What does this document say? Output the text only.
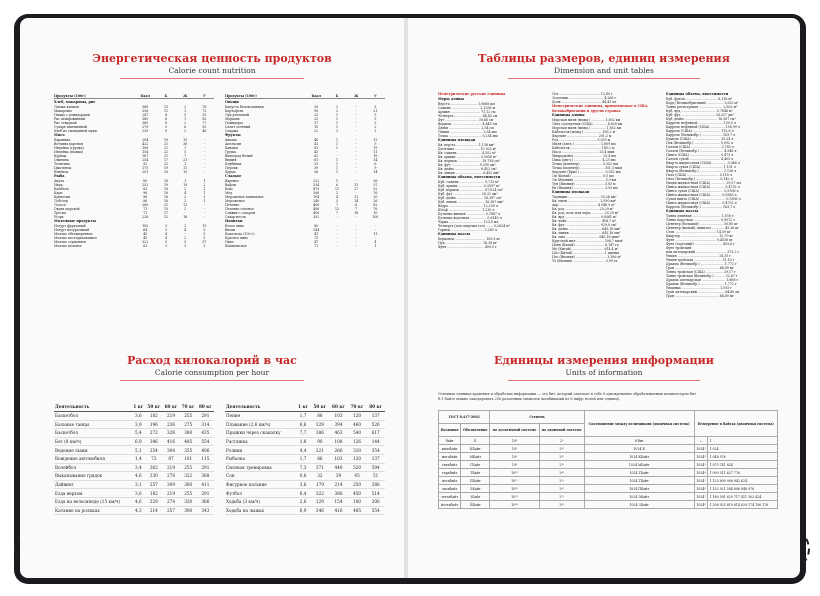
Энергетическая ценность продуктов
Calorie count nutrition
Продукты (100г)	Ккал	Б	Ж	У
Хлеб, макароны, рис
Лапша яичная	368	13	2	76
Макароны	336	11	1	72
Пицца с помидорами	247	4	5	32
Рис шлифованный	360	6	1	82
Рис отварной	360	8	2	77
Сухарь пшеничный	279	9	6	55
Хлеб из смешанной муки	239	9	2	46
Мясо
Баранина	204	19	15	-
Ветчина вареная	422	21	36	-
Индейка (грудка)	106	21	1	-
Индейка (ножка)	154	22	5	-
Курица	167	21	7	-
Свинина	254	17	23	-
Телятина	92	21	1	-
Цыпленок	175	19	11	-
Ягнёнок	201	20	15	-
Рыба
Акула	80	16	1	1
Икра	252	19	19	2
Камбала	83	16	2	1
Карп	96	16	4	1
Креветки	96	16	3	1
Лобстер	86	16	2	1
Лосось	260	21	13	-
Окунь морской	71	15	2	-
Треска	71	17	-	-
Угорь	226	12	16	-
Молочные продукты
Йогурт фруктовый	100	3	2	19
Йогурт натуральный	64	3	4	5
Молоко обезжиренное	49	4	-	5
Молоко пастеризованное	49	4	2	5
Молоко сгущенное	322	9	9	57
Молоко цельное	63	3	3	5
Продукты (100г)	Ккал	Б	Ж	У
Овощи
Капуста белокочанная	28	2	-	5
Картофель	90	2	-	21
Лук репчатый	23	1	-	5
Морковь	23	1	-	5
Помидоры	17	1	-	3
Салат зелёный	10	1	-	2
Спаржа	22	3	-	2
Фрукты
Ананас	46	1	-	12
Апельсин	41	1	-	9
Бананы	81	1	-	19
Груша	43	-	-	11
Виноград белый	62	-	-	16
Вишня	61	1	-	14
Клубника	29	1	-	6
Персик	39	1	-	9
Хурма	56	1	-	14
Сладкое
Варенье	222	1	-	56
Вафли	534	6	31	57
Кекс	479	11	27	52
Мёд	306	1	-	76
Мороженое ванильное	194	4	11	20
Мороженое	240	5	14	26
Печенье	406	7	8	82
Печенье слоеное	406	12	7	76
Сливки с сахаром	406	7	18	10
Сахар-песок	392	-	-	100
Напитки
Белое вино	80	-	-	-
Виски	244	-	-	-
Кока-кола (100 г)	41	-	-	11
Красное вино	75	-	-	-
Пиво	47	-	-	4
Шампанское	71	-	-	1
Расход килокалорий в час
Calorie consumption per hour
Деятельность	1 кг	50 кг	60 кг	70 кг	80 кг
Баскетбол	3,6	182	219	255	291
Бальные танцы	3,9	196	236	275	314
Баскетбол	5,4	272	326	380	435
Бег (8 км/ч)	6,9	346	416	485	554
Ведение лыжи	5,1	254	304	355	406
Вождение автомобиля	1,4	72	87	101	115
Волейбол	3,4	262	219	255	291
Выкапывание грядок	4,6	230	276	322	368
Дайвинг	3,1	257	309	360	411
Езда верхом	3,6	182	219	255	291
Езда на велосипеде (15 км/ч)	4,6	229	274	320	366
Катание на роликах	4,3	214	257	300	343
Деятельность	1 кг	50 кг	60 кг	70 кг	80 кг
Пение	1,7	86	103	120	137
Плавание (2,6 км/ч)	6,6	329	394	460	526
Прыжки через скакалку	7,7	386	463	540	617
Растяжка	1,8	90	108	126	144
Ролики	4,4	221	266	310	354
Рыбалка	1,7	86	103	120	137
Силовая тренировка	7,3	371	446	520	594
Сон	0,6	32	39	45	51
Фигурное катание	3,6	179	214	250	286
Футбол	6,4	322	386	450	514
Ходьба (3 км/ч)	2,6	129	154	180	206
Ходьба на лыжах	6,9	346	416	485	554
Таблицы размеров, единиц измерения
Dimension and unit tables
Неметрические русские единицы
Меры длины
Верста .......................... 1,0668 км
Сажень ........................... 2,1336 м
Аршин ............................. 71,12 см
Четверть ........................... 44,45 см
Фут ................................ 30,48 см
Вершок ............................. 4,445 см
Дюйм ............................... 2,54 см
Линия ................................ 2,54 мм
Точка ................................ 0,254 мм
Единицы площади
Кв. верста ..................... 1,138 км²
Десятина ........................ 10 925 м²
Кв. сажень ....................... 4,552 м²
Кв. аршин ....................... 0,5058 м²
Кв. вершок ....................... 19,758 см²
Кв. фут ........................... 9,290 дм²
Кв. дюйм ......................... 6,452 см²
Кв. линия .......................... 6,452 мм²
Единицы объема, вместимости
Куб. сажень ........................ 9,713 м³
Куб. аршин ........................ 0,3597 м³
Куб. вершок ........................ 87,824 см³
Куб. фут ........................... 28,32 дм³
Куб. дюйм .......................... 16,387 см³
Куб. линия .......................... 16,387 мм³
Ведро ................................. 12,299 л
Штоф ................................ 1,230 л
Бутылка винная .................. 0,7687 л
Бутылка водочная ................ 0,6149 л
Чарка ................................. 123,0 мл
Четверть (для сыпучих тел) ....... 0,2624 м³
Гарнец ................................ 3,280 л
Единицы массы
Берковец .............................. 163,8 кг
Пуд .................................... 16,38 кг
Фунт .................................... 409,5 г
Лот ........................................ 12,80 г
Золотник .................................. 4,266 г
Доля ....................................... 44,43 мг
Неметрические единицы, применяемые в США, Великобритании и других странах
Единицы длины
Морская миля (межд.) ............. 1,852 км
Лига сухопутная (США) ............. 4,828 км
Морская миля (межд.) .............. 1,852 км
Кабельтов (межд.) ................. 185,2 м
Фарлонг .............................. 201,2 м
Род ..................................... 5,029 м
Миля (англ.) ......................... 1,609 км
Кабельтов .............................. 185,2 м
Маса .................................... 25,4 мкм
Микродюйм ............................ 25,4 нм
Пика (англ.) ........................... 4,23 мм
Точка (поинтер) ..................... 0,352 мм
Точка (поинтер) ....................... 351,5 мкм
Фарлонг (Брит.) ........................ 0,352 мм
Ли (Китай) .............................. 0,5 км
Ли (Япония) .............................. 3,9 км
Тун (Япония) ............................ 3,03 м
Ри (Япония) .............................. 3,93 км
Единицы площади
Таунщип ............................... 93,24 км²
Кв. миля ............................... 2,590 км²
Акр ..................................... 4 046,9 м²
Кв. род ................................. 25,29 м²
Кв. род, поль или перч ............ 25,29 м²
Кв. ярд .................................. 0,8361 м²
Кв. чейн ................................. 404,7 м²
Кв. фут .................................. 929,0 см²
Кв. дюйм ................................ 645,16 мм²
Кв. линия ............................... 645,16 мм²
Кв. мил ................................ 645,16 мкм²
Круговой мил ........................... 506,7 мкм²
Цзин (Китай) ............................ 6,147 га
Му (Китай) ............................... 614,4 м²
Цзо (Китай) .............................. 1 щилма
Цзо (Япония) .............................. 3,306 м²
Тэ (Япония) ............................... 0,99 га
Единицы объема, вместимости
Куб. фатом ............................... 6,116 м³
Корд (Великобритания) ................ 3,625 м³
Тонна регистровая ....................... 2,832 м³
Куб. ярд .................................. 0,7646 м³
Куб. фут ................................. 28,317 дм³
Куб. дюйм ................................ 16,387 см³
Баррель нефтяной ........................ 159,0 л
Баррель нефтяной (США) .............. 158,99 л
Баррель (США) ........................... 115,6 л
Баррель (Великобр.) .................... 163,7 л
Бушель (США) ............................ 35,24 л
Пек (Великобр.) ......................... 9,092 л
Галлон (США) ............................. 3,785 л
Галлон (Великобр.) ....................... 4,546 л
Пинта (США) .............................. 0,473 л
Галлон сухой .............................. 4,405 л
Кварта жидкостная (США) .............. 0,946 л
Кварта сухая (США) ..................... 1,101 л
Кварта (Великобр.) ....................... 1,136 л
Гилл (США) ............................... 0,118 л
Гилл (Великобр.) ....................... 0,142 л
Унция жидкостная (США) .............. 29,57 мл
Пинта жидкостная (США) ............. 0,4732 л
Пинта сухая (США) ....................... 0,5506 л
Пинта жидкостная (США) .......... 0,5683 л
Сухая пинта (США) ......................... 0,5506 л
Пинта жидкостная (США) .......... 0,4732 л
Баррель (Великобр.) .................... 163,7 л
Единицы массы
Тонна длинная ............................ 1,016 т
Тонна короткая .......................... 0,9072 т
Центнер (большой) ....................... 50,80 кг
Центнер (малый), квинтал ............ 45,36 кг
Стон ........................................ 14,59 кг
Квартер ..................................... 12,70 кг
Фунт ........................................ 0,4536 кг
Фунт (торговый) ........................... 453,6 г
Фунт тройский
или аптекарский .............................. 373,2 г
Унция ........................................ 28,35 г
Унция тройская ........................... 31,10 г
Драхма (Великобр.) ....................... 1,772 г
Гран ........................................... 64,80 мг
Тонна тройская (США) ................. 29,17 г
Тонна тройская (Великобр.) .......... 32,67 г
Драхма аптекарская ....................... 3,888 г
Драхма (Великобр.) ....................... 1,772 г
Унцинка ..................................... 1,555 г
Гран аптекарский .......................... 64,80 мг
Гран ........................................... 64,80 мг
Единицы измерения информации
Units of information
Основная единица хранения и обработки информации — это бит, который означает в себе 8 одновременно обрабатываемых компьютером бит.
В 1 байте можно закодировать 256 различных символов (комбинаций из 8 цифр: нолей или единиц).
ГОСТ 8.417-2002		Степень		Соотношение между величинами (двоичная система)	Измерение в байтах (двоичная система)	
Название	Обозначение	по десятичной системе	по двоичной системе			
байт	Б	10⁰	2⁰	8 бит	—	1
килобайт	КБайт	10³	2¹⁰	1024 Б	1024¹	1 024
мегабайт	МБайт	10⁶	2²⁰	1024 КБайт	1024²	1 048 576
гигабайт	ГБайт	10⁹	2³⁰	1024 МБайт	1024³	1 073 741 824
терабайт	ТБайт	10¹²	2⁴⁰	1024 ГБайт	1024⁴	1 099 511 627 776
петабайт	ПБайт	10¹⁵	2⁵⁰	1024 ТБайт	1024⁵	1 125 899 906 842 624
эксабайт	ЭБайт	10¹⁸	2⁶⁰	1024 ПБайт	1024⁶	1 152 921 504 606 846 976
зеттабайт	ЗБайт	10²¹	2⁷⁰	1024 ЭБайт	1024⁷	1 180 591 620 717 411 303 424
йоттабайт	ЙБайт	10²⁴	2⁸⁰	1024 ЗБайт	1024⁸	1 208 925 819 614 629 174 706 176
